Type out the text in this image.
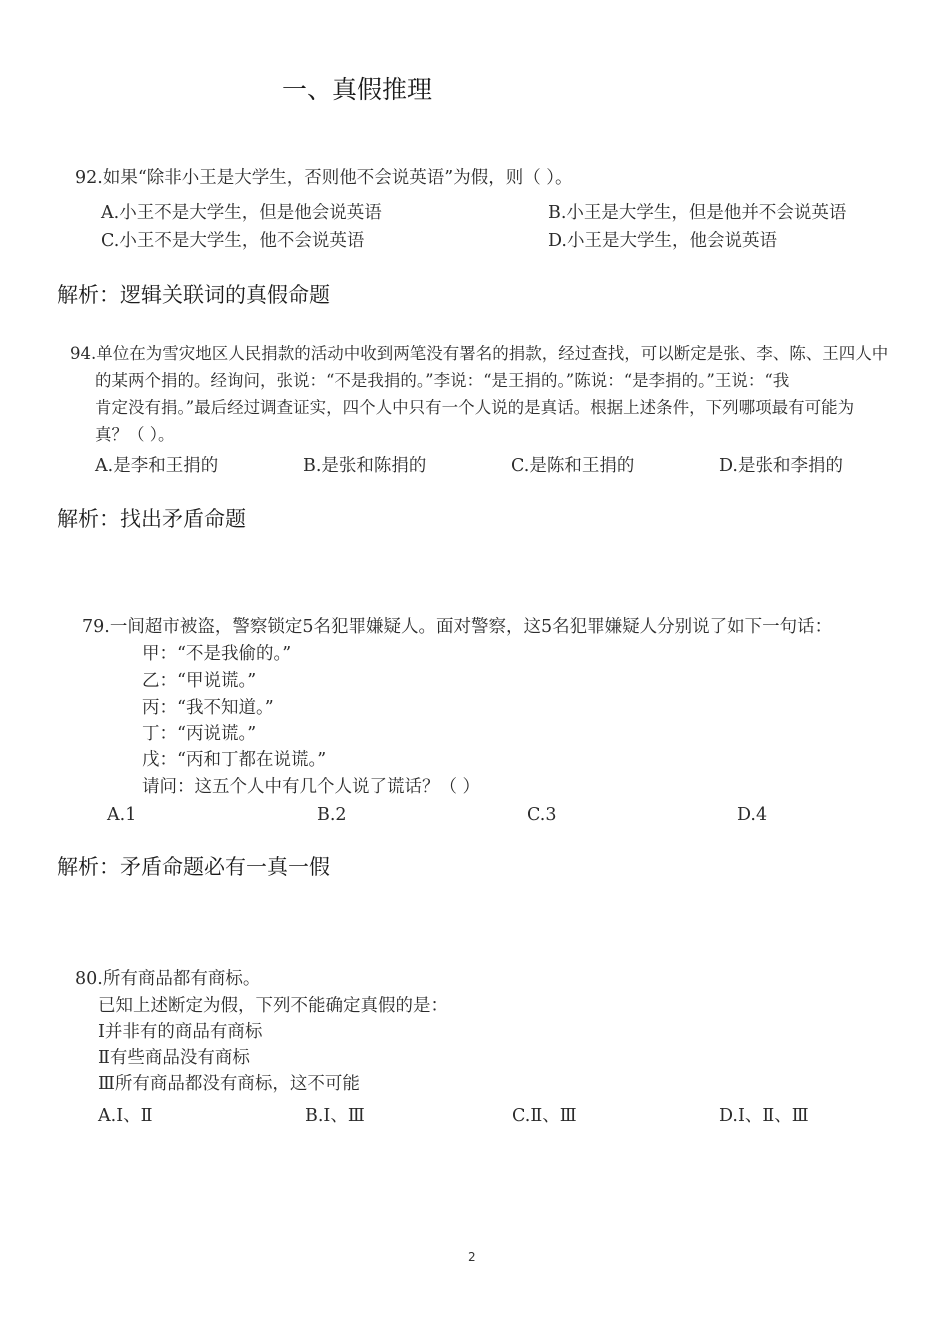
一、真假推理
92.如果“除非小王是大学生，否则他不会说英语”为假，则（ ）。
A.小王不是大学生，但是他会说英语	B.小王是大学生，但是他并不会说英语
C.小王不是大学生，他不会说英语	D.小王是大学生，他会说英语
解析：逻辑关联词的真假命题
94.单位在为雪灾地区人民捐款的活动中收到两笔没有署名的捐款，经过查找，可以断定是张、李、陈、王四人中
的某两个捐的。经询问，张说：“不是我捐的。”李说：“是王捐的。”陈说：“是李捐的。”王说：“我
肯定没有捐。”最后经过调查证实，四个人中只有一个人说的是真话。根据上述条件，下列哪项最有可能为
真？（ ）。
A.是李和王捐的	B.是张和陈捐的	C.是陈和王捐的	D.是张和李捐的
解析：找出矛盾命题
79.一间超市被盗，警察锁定5名犯罪嫌疑人。面对警察，这5名犯罪嫌疑人分别说了如下一句话：
甲：“不是我偷的。”
乙：“甲说谎。”
丙：“我不知道。”
丁：“丙说谎。”
戊：“丙和丁都在说谎。”
请问：这五个人中有几个人说了谎话？（ ）
A.1	B.2	C.3	D.4
解析：矛盾命题必有一真一假
80.所有商品都有商标。
已知上述断定为假，下列不能确定真假的是：
Ⅰ并非有的商品有商标
Ⅱ有些商品没有商标
Ⅲ所有商品都没有商标，这不可能
A.Ⅰ、Ⅱ	B.Ⅰ、Ⅲ	C.Ⅱ、Ⅲ	D.Ⅰ、Ⅱ、Ⅲ
2
